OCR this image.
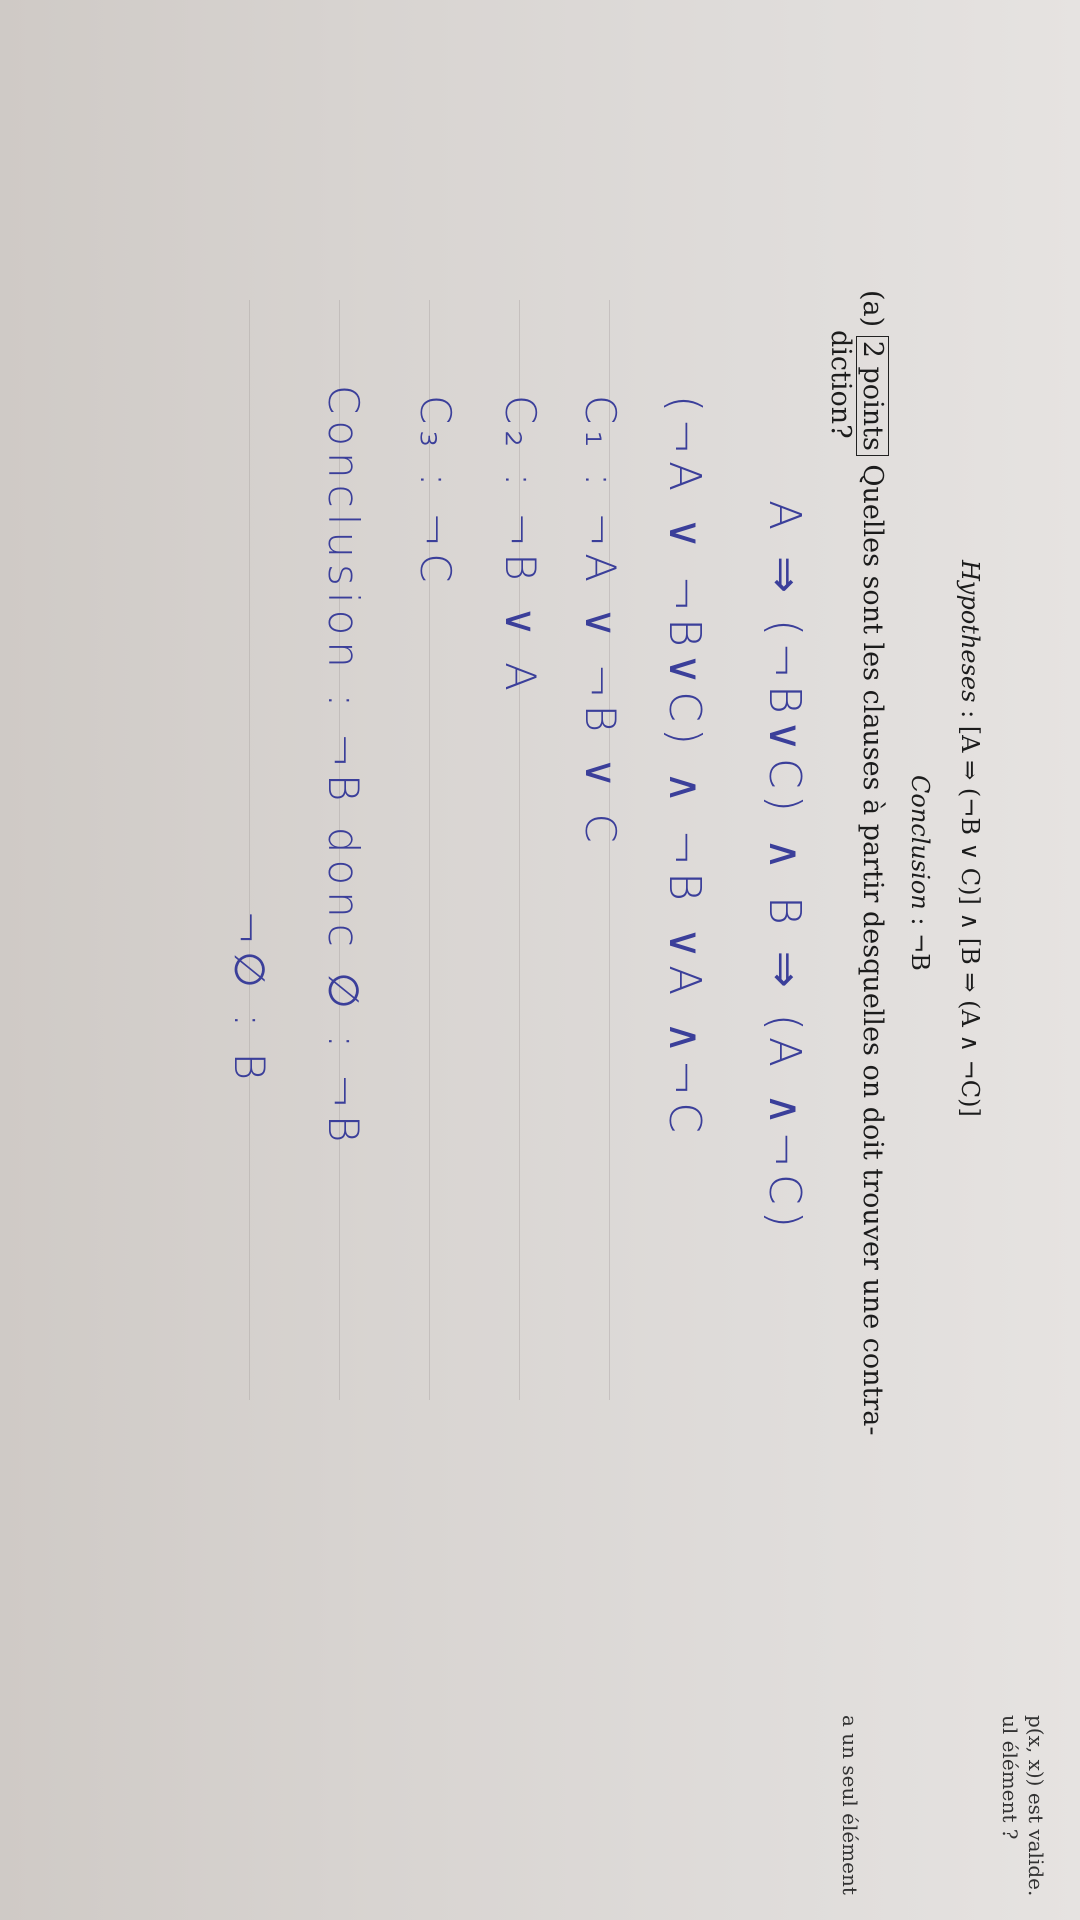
Hypotheses : [A ⇒ (¬B ∨ C)] ∧ [B ⇒ (A ∧ ¬C)]
Conclusion : ¬B
(a) 2 points Quelles sont les clauses à partir desquelles on doit trouver une contra-
diction?
A ⇒ (¬B∨C) ∧ B ⇒ (A ∧¬C)
(¬A ∨ ¬B∨C) ∧ ¬B ∨A ∧¬C
C₁ : ¬A ∨ ¬B ∨ C
C₂ : ¬B ∨ A
C₃ : ¬C
Conclusion : ¬B donc ∅ : ¬B
¬∅ : B
p(x, x)) est valide.
ul élément ?
a un seul élément
